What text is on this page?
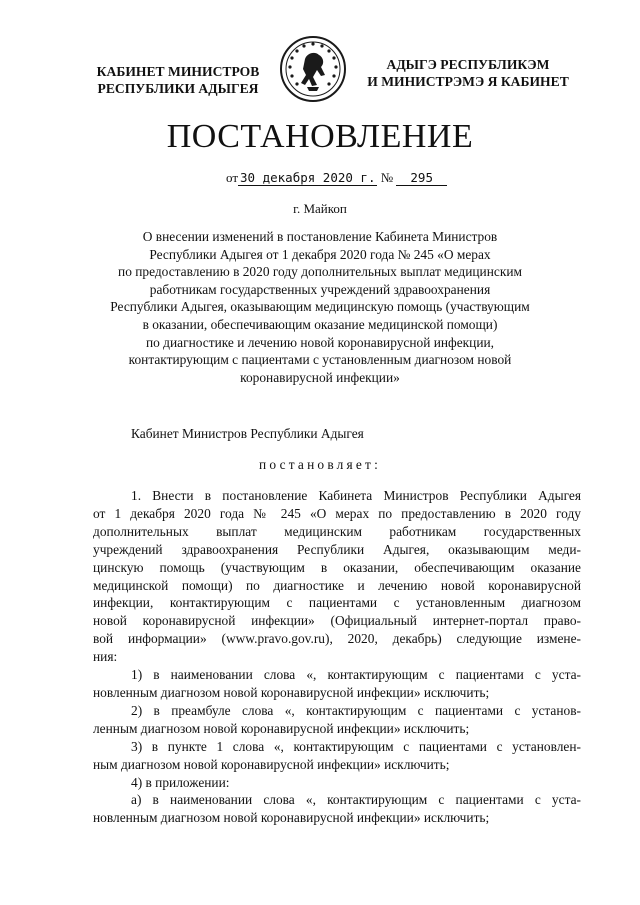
КАБИНЕТ МИНИСТРОВ
РЕСПУБЛИКИ АДЫГЕЯ
АДЫГЭ РЕСПУБЛИКЭМ
И МИНИСТРЭМЭ Я КАБИНЕТ
ПОСТАНОВЛЕНИЕ
от 30 декабря 2020 г. № 295
г. Майкоп
О внесении изменений в постановление Кабинета Министров
Республики Адыгея от 1 декабря 2020 года № 245 «О мерах
по предоставлению в 2020 году дополнительных выплат медицинским
работникам государственных учреждений здравоохранения
Республики Адыгея, оказывающим медицинскую помощь (участвующим
в оказании, обеспечивающим оказание медицинской помощи)
по диагностике и лечению новой коронавирусной инфекции,
контактирующим с пациентами с установленным диагнозом новой
коронавирусной инфекции»
Кабинет Министров Республики Адыгея
постановляет:
1. Внести в постановление Кабинета Министров Республики Адыгея
от 1 декабря 2020 года № 245 «О мерах по предоставлению в 2020 году
дополнительных выплат медицинским работникам государственных
учреждений здравоохранения Республики Адыгея, оказывающим меди-
цинскую помощь (участвующим в оказании, обеспечивающим оказание
медицинской помощи) по диагностике и лечению новой коронавирусной
инфекции, контактирующим с пациентами с установленным диагнозом
новой коронавирусной инфекции» (Официальный интернет-портал право-
вой информации» (www.pravo.gov.ru), 2020, декабрь) следующие измене-
ния:
1) в наименовании слова «, контактирующим с пациентами с уста-
новленным диагнозом новой коронавирусной инфекции» исключить;
2) в преамбуле слова «, контактирующим с пациентами с установ-
ленным диагнозом новой коронавирусной инфекции» исключить;
3) в пункте 1 слова «, контактирующим с пациентами с установлен-
ным диагнозом новой коронавирусной инфекции» исключить;
4) в приложении:
а) в наименовании слова «, контактирующим с пациентами с уста-
новленным диагнозом новой коронавирусной инфекции» исключить;
